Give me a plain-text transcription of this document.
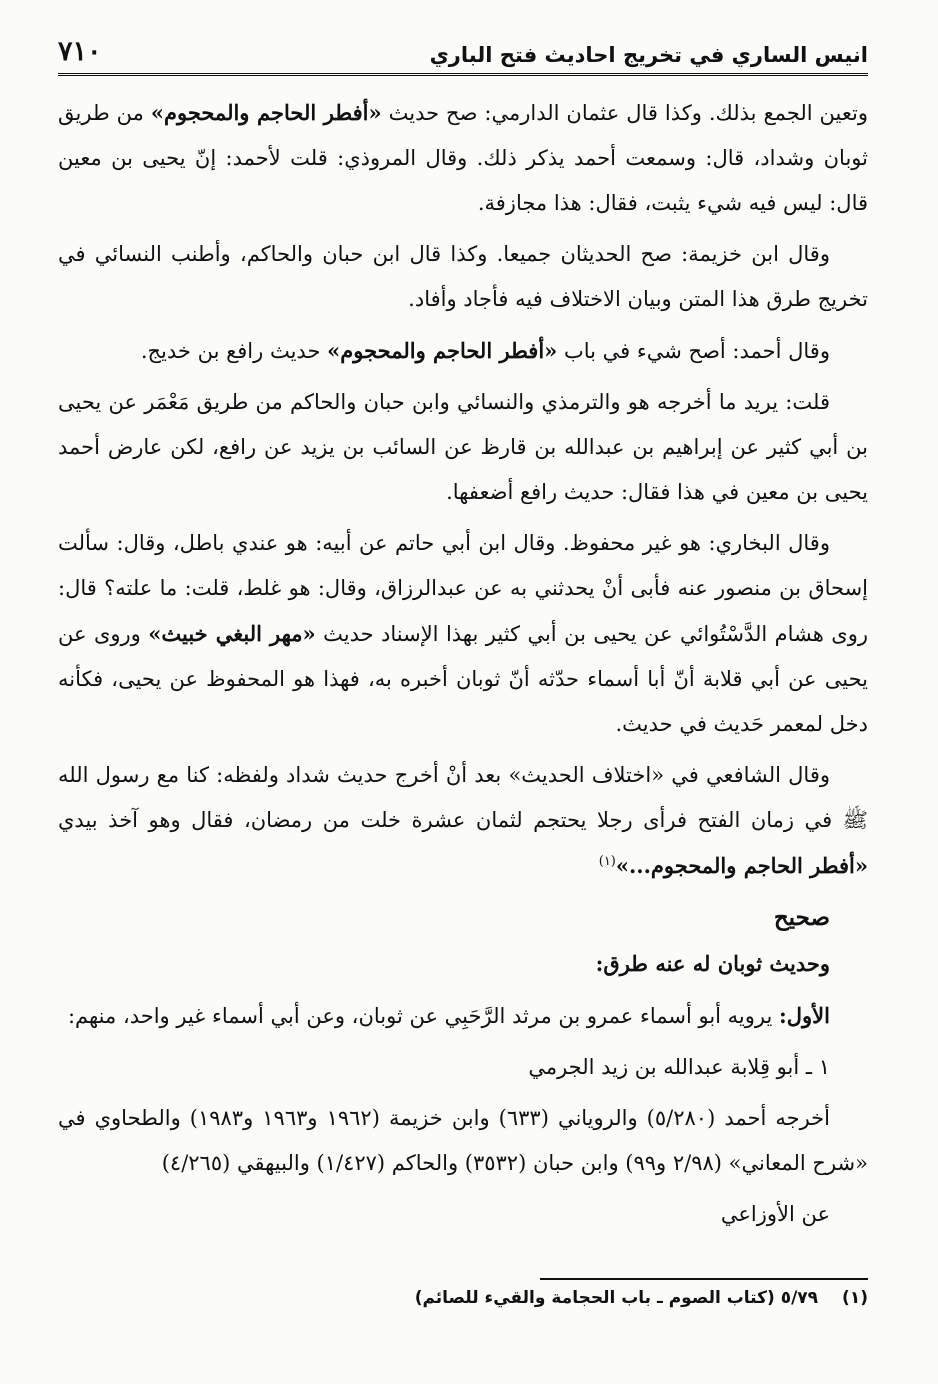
انيس الساري في تخريج احاديث فتح الباري
٧١٠

وتعين الجمع بذلك. وكذا قال عثمان الدارمي: صح حديث «أفطر الحاجم والمحجوم» من طريق ثوبان وشداد، قال: وسمعت أحمد يذكر ذلك. وقال المروذي: قلت لأحمد: إنّ يحيى بن معين قال: ليس فيه شيء يثبت، فقال: هذا مجازفة.

وقال ابن خزيمة: صح الحديثان جميعا. وكذا قال ابن حبان والحاكم، وأطنب النسائي في تخريج طرق هذا المتن وبيان الاختلاف فيه فأجاد وأفاد.

وقال أحمد: أصح شيء في باب «أفطر الحاجم والمحجوم» حديث رافع بن خديج.

قلت: يريد ما أخرجه هو والترمذي والنسائي وابن حبان والحاكم من طريق مَعْمَر عن يحيى بن أبي كثير عن إبراهيم بن عبدالله بن قارظ عن السائب بن يزيد عن رافع، لكن عارض أحمد يحيى بن معين في هذا فقال: حديث رافع أضعفها.

وقال البخاري: هو غير محفوظ. وقال ابن أبي حاتم عن أبيه: هو عندي باطل، وقال: سألت إسحاق بن منصور عنه فأبى أنْ يحدثني به عن عبدالرزاق، وقال: هو غلط، قلت: ما علته؟ قال: روى هشام الدَّسْتُوائي عن يحيى بن أبي كثير بهذا الإسناد حديث «مهر البغي خبيث» وروى عن يحيى عن أبي قلابة أنّ أبا أسماء حدّثه أنّ ثوبان أخبره به، فهذا هو المحفوظ عن يحيى، فكأنه دخل لمعمر حَديث في حديث.

وقال الشافعي في «اختلاف الحديث» بعد أنْ أخرج حديث شداد ولفظه: كنا مع رسول الله ﷺ في زمان الفتح فرأى رجلا يحتجم لثمان عشرة خلت من رمضان، فقال وهو آخذ بيدي «أفطر الحاجم والمحجوم...»$^{(١)}$

صحيح
وحديث ثوبان له عنه طرق:

الأول: يرويه أبو أسماء عمرو بن مرثد الرَّحَبِي عن ثوبان، وعن أبي أسماء غير واحد، منهم:

١ ـ أبو قِلابة عبدالله بن زيد الجرمي

أخرجه أحمد (٥/٢٨٠) والروياني (٦٣٣) وابن خزيمة (١٩٦٢ و١٩٦٣ و١٩٨٣) والطحاوي في «شرح المعاني» (٢/٩٨ و٩٩) وابن حبان (٣٥٣٢) والحاكم (١/٤٢٧) والبيهقي (٤/٢٦٥)

عن الأوزاعي
(١)٥/٧٩ (كتاب الصوم ـ باب الحجامة والقيء للصائم)
